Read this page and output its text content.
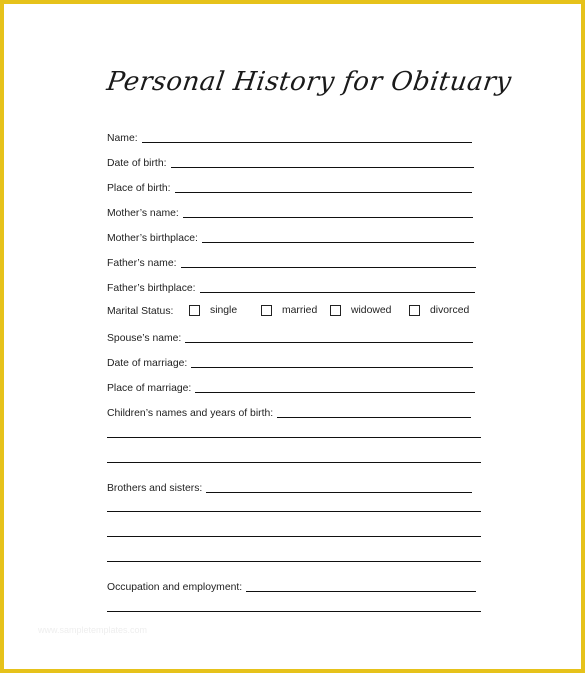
Personal History for Obituary
Name:
Date of birth:
Place of birth:
Mother’s name:
Mother’s birthplace:
Father’s name:
Father’s birthplace:
Marital Status:	single	married	widowed	divorced
Spouse’s name:
Date of marriage:
Place of marriage:
Children’s names and years of birth:
Brothers and sisters:
Occupation and employment:
www.sampletemplates.com
